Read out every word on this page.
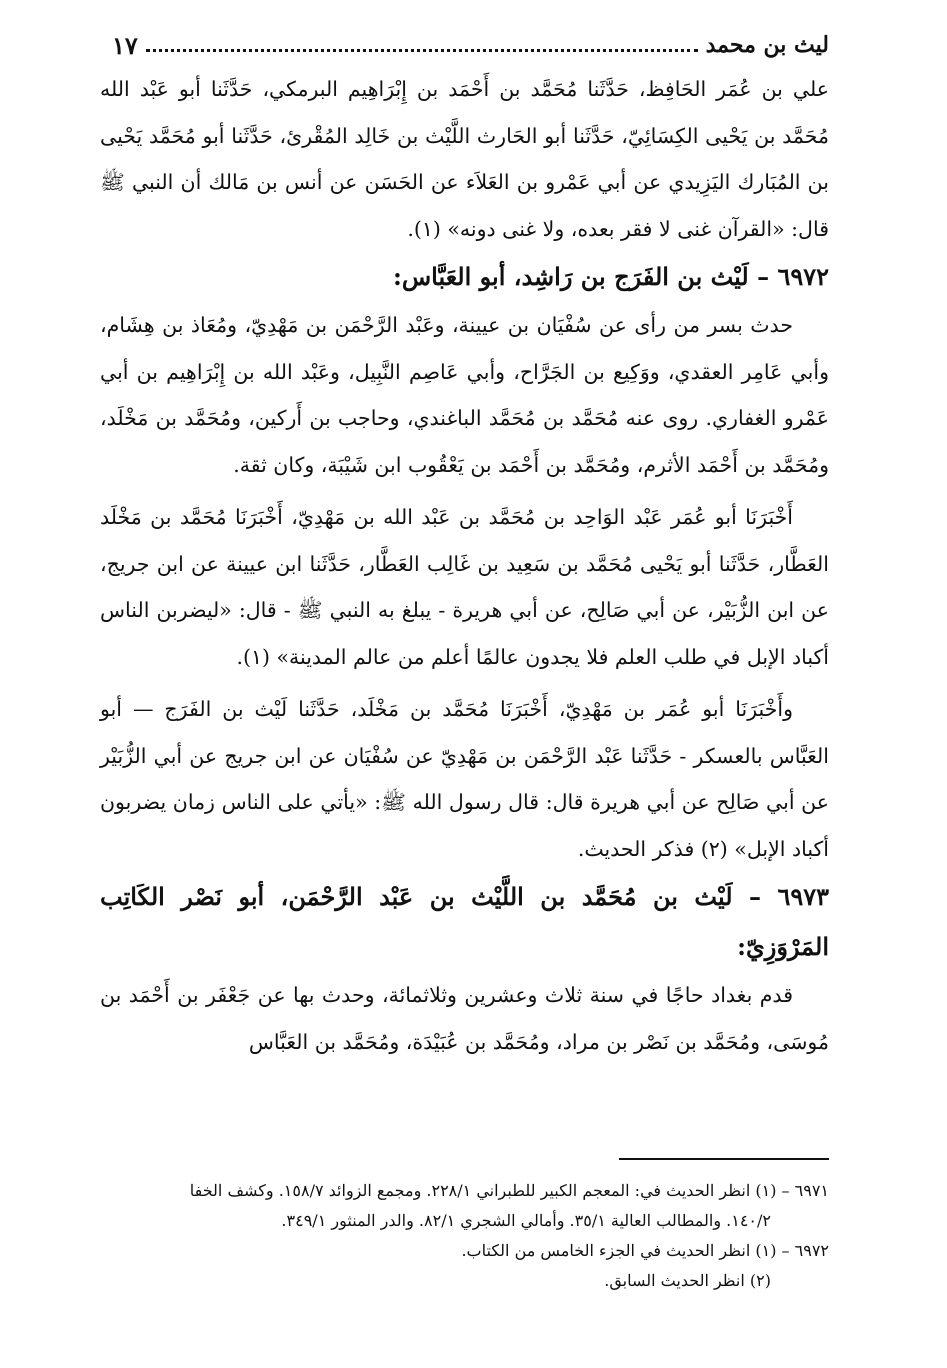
ليث بن محمد
١٧

علي بن عُمَر الحَافِظ، حَدَّثَنا مُحَمَّد بن أَحْمَد بن إِبْرَاهِيم البرمكي، حَدَّثَنا أبو عَبْد الله مُحَمَّد بن يَحْيى الكِسَائِيّ، حَدَّثَنا أبو الحَارث اللَّيْث بن خَالِد المُقْرئ، حَدَّثَنا أبو مُحَمَّد يَحْيى بن المُبَارك اليَزِيدي عن أبي عَمْرو بن العَلاَء عن الحَسَن عن أنس بن مَالك أن النبي ﷺ قال: «القرآن غنى لا فقر بعده، ولا غنى دونه» (١).

٦٩٧٢ – لَيْث بن الفَرَج بن رَاشِد، أبو العَبَّاس:

حدث بسر من رأى عن سُفْيَان بن عيينة، وعَبْد الرَّحْمَن بن مَهْدِيّ، ومُعَاذ بن هِشَام، وأبي عَامِر العقدي، ووَكِيع بن الجَرَّاح، وأبي عَاصِم النَّبِيل، وعَبْد الله بن إِبْرَاهِيم بن أبي عَمْرو الغفاري. روى عنه مُحَمَّد بن مُحَمَّد الباغندي، وحاجب بن أَركين، ومُحَمَّد بن مَخْلَد، ومُحَمَّد بن أَحْمَد الأثرم، ومُحَمَّد بن أَحْمَد بن يَعْقُوب ابن شَيْبَة، وكان ثقة.

أَخْبَرَنَا أبو عُمَر عَبْد الوَاحِد بن مُحَمَّد بن عَبْد الله بن مَهْدِيّ، أَخْبَرَنَا مُحَمَّد بن مَخْلَد العَطَّار، حَدَّثَنا أبو يَحْيى مُحَمَّد بن سَعِيد بن غَالِب العَطَّار، حَدَّثَنا ابن عيينة عن ابن جريج، عن ابن الزُّبَيْر، عن أبي صَالِح، عن أبي هريرة - يبلغ به النبي ﷺ - قال: «ليضربن الناس أكباد الإبل في طلب العلم فلا يجدون عالمًا أعلم من عالم المدينة» (١).

وأَخْبَرَنَا أبو عُمَر بن مَهْدِيّ، أَخْبَرَنَا مُحَمَّد بن مَخْلَد، حَدَّثَنا لَيْث بن الفَرَج — أبو العَبَّاس بالعسكر - حَدَّثَنا عَبْد الرَّحْمَن بن مَهْدِيّ عن سُفْيَان عن ابن جريج عن أبي الزُّبَيْر عن أبي صَالِح عن أبي هريرة قال: قال رسول الله ﷺ: «يأتي على الناس زمان يضربون أكباد الإبل» (٢) فذكر الحديث.

٦٩٧٣ – لَيْث بن مُحَمَّد بن اللَّيْث بن عَبْد الرَّحْمَن، أبو نَصْر الكَاتِب المَرْوَزِيّ:

قدم بغداد حاجًا في سنة ثلاث وعشرين وثلاثمائة، وحدث بها عن جَعْفَر بن أَحْمَد بن مُوسَى، ومُحَمَّد بن نَصْر بن مراد، ومُحَمَّد بن عُبَيْدَة، ومُحَمَّد بن العَبَّاس

٦٩٧١ – (١) انظر الحديث في: المعجم الكبير للطبراني ٢٢٨/١. ومجمع الزوائد ١٥٨/٧. وكشف الخفا

١٤٠/٢. والمطالب العالية ٣٥/١. وأمالي الشجري ٨٢/١. والدر المنثور ٣٤٩/١.

٦٩٧٢ – (١) انظر الحديث في الجزء الخامس من الكتاب.

(٢) انظر الحديث السابق.
